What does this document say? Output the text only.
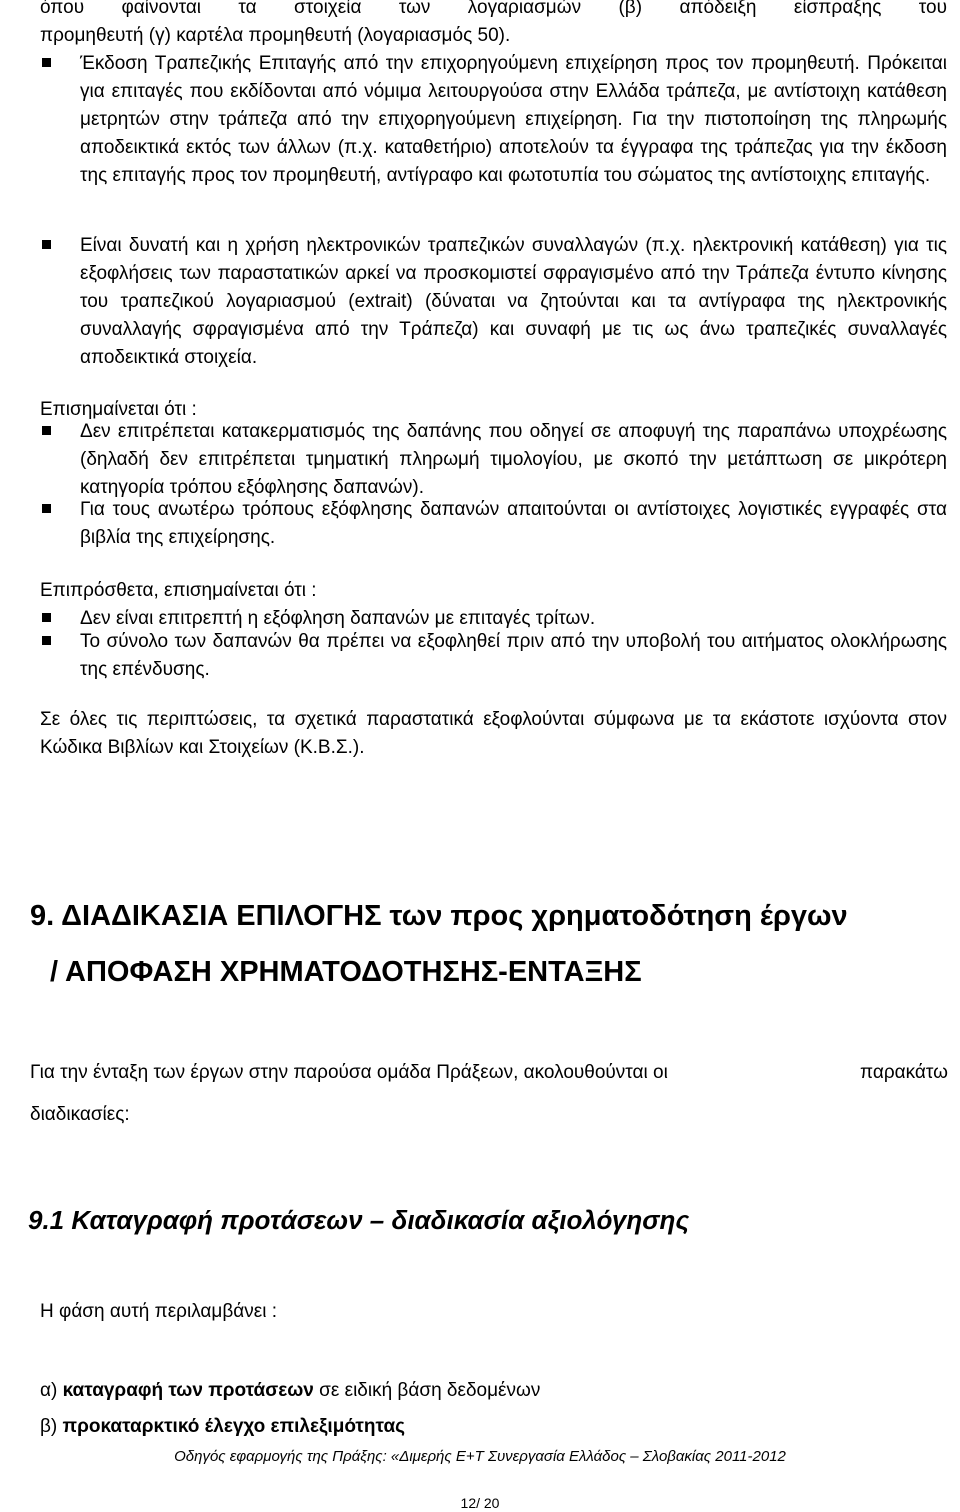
όπου φαίνονται τα στοιχεία των λογαριασμών (β) απόδειξη είσπραξης του
προμηθευτή (γ) καρτέλα προμηθευτή (λογαριασμός 50).
Έκδοση Τραπεζικής Επιταγής από την επιχορηγούμενη επιχείρηση προς τον προμηθευτή. Πρόκειται για επιταγές που εκδίδονται από νόμιμα λειτουργούσα στην Ελλάδα τράπεζα, με αντίστοιχη κατάθεση μετρητών στην τράπεζα από την επιχορηγούμενη επιχείρηση. Για την πιστοποίηση της πληρωμής αποδεικτικά εκτός των άλλων (π.χ. καταθετήριο) αποτελούν τα έγγραφα της τράπεζας για την έκδοση της επιταγής προς τον προμηθευτή, αντίγραφο και φωτοτυπία του σώματος της αντίστοιχης επιταγής.
Είναι δυνατή και η χρήση ηλεκτρονικών τραπεζικών συναλλαγών (π.χ. ηλεκτρονική κατάθεση) για τις εξοφλήσεις των παραστατικών αρκεί να προσκομιστεί σφραγισμένο από την Τράπεζα έντυπο κίνησης του τραπεζικού λογαριασμού (extrait) (δύναται να ζητούνται και τα αντίγραφα της ηλεκτρονικής συναλλαγής σφραγισμένα από την Τράπεζα) και συναφή με τις ως άνω τραπεζικές συναλλαγές αποδεικτικά στοιχεία.
Επισημαίνεται ότι :
Δεν επιτρέπεται κατακερματισμός της δαπάνης που οδηγεί σε αποφυγή της παραπάνω υποχρέωσης (δηλαδή δεν επιτρέπεται τμηματική πληρωμή τιμολογίου, με σκοπό την μετάπτωση σε μικρότερη κατηγορία τρόπου εξόφλησης δαπανών).
Για τους ανωτέρω τρόπους εξόφλησης δαπανών απαιτούνται οι αντίστοιχες λογιστικές εγγραφές στα βιβλία της επιχείρησης.
Επιπρόσθετα, επισημαίνεται ότι :
Δεν είναι επιτρεπτή η εξόφληση δαπανών με επιταγές τρίτων.
Το σύνολο των δαπανών θα πρέπει να εξοφληθεί πριν από την υποβολή του αιτήματος ολοκλήρωσης της επένδυσης.
Σε όλες τις περιπτώσεις, τα σχετικά παραστατικά εξοφλούνται σύμφωνα με τα εκάστοτε ισχύοντα στον Κώδικα Βιβλίων και Στοιχείων (Κ.Β.Σ.).
9. ΔΙΑΔΙΚΑΣΙΑ ΕΠΙΛΟΓΗΣ των προς χρηματοδότηση έργων
/ ΑΠΟΦΑΣΗ ΧΡΗΜΑΤΟΔΟΤΗΣΗΣ-ΕΝΤΑΞΗΣ
Για την ένταξη των έργων στην παρούσα ομάδα Πράξεων, ακολουθούνται οι	παρακάτω
διαδικασίες:
9.1 Καταγραφή προτάσεων – διαδικασία αξιολόγησης
Η φάση αυτή περιλαμβάνει :
α) καταγραφή των προτάσεων σε ειδική βάση δεδομένων
β) προκαταρκτικό έλεγχο επιλεξιμότητας
Οδηγός εφαρμογής της Πράξης: «Διμερής Ε+Τ Συνεργασία Ελλάδος – Σλοβακίας 2011-2012
12/ 20
